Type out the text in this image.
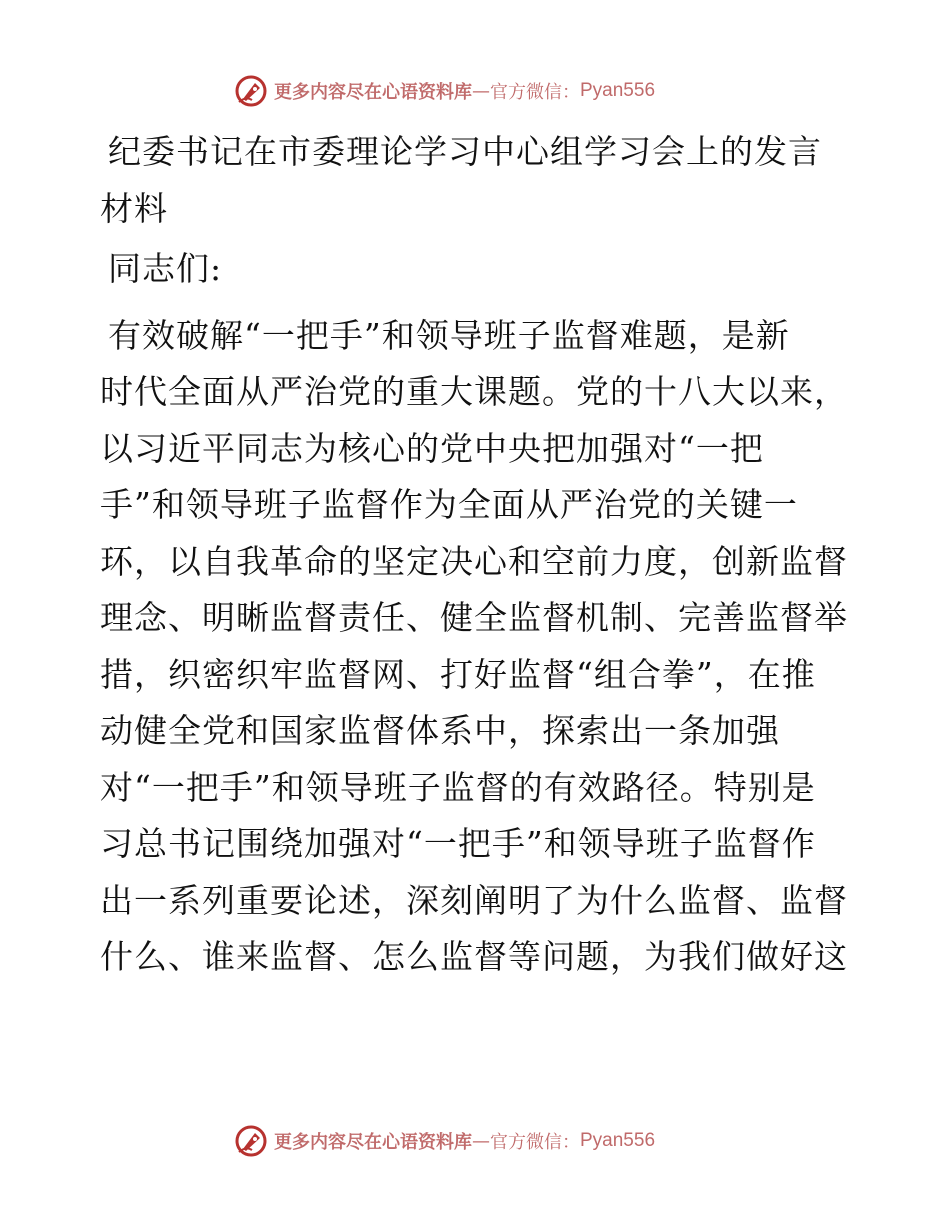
更多内容尽在心语资料库 — 官方微信： Pyan556
纪委书记在市委理论学习中心组学习会上的发言
材料
同志们:
有效破解“一把手”和领导班子监督难题，是新
时代全面从严治党的重大课题。党的十八大以来，
以习近平同志为核心的党中央把加强对“一把
手”和领导班子监督作为全面从严治党的关键一
环，以自我革命的坚定决心和空前力度，创新监督
理念、明晰监督责任、健全监督机制、完善监督举
措，织密织牢监督网、打好监督“组合拳”，在推
动健全党和国家监督体系中，探索出一条加强
对“一把手”和领导班子监督的有效路径。特别是
习总书记围绕加强对“一把手”和领导班子监督作
出一系列重要论述，深刻阐明了为什么监督、监督
什么、谁来监督、怎么监督等问题，为我们做好这
更多内容尽在心语资料库 — 官方微信： Pyan556
